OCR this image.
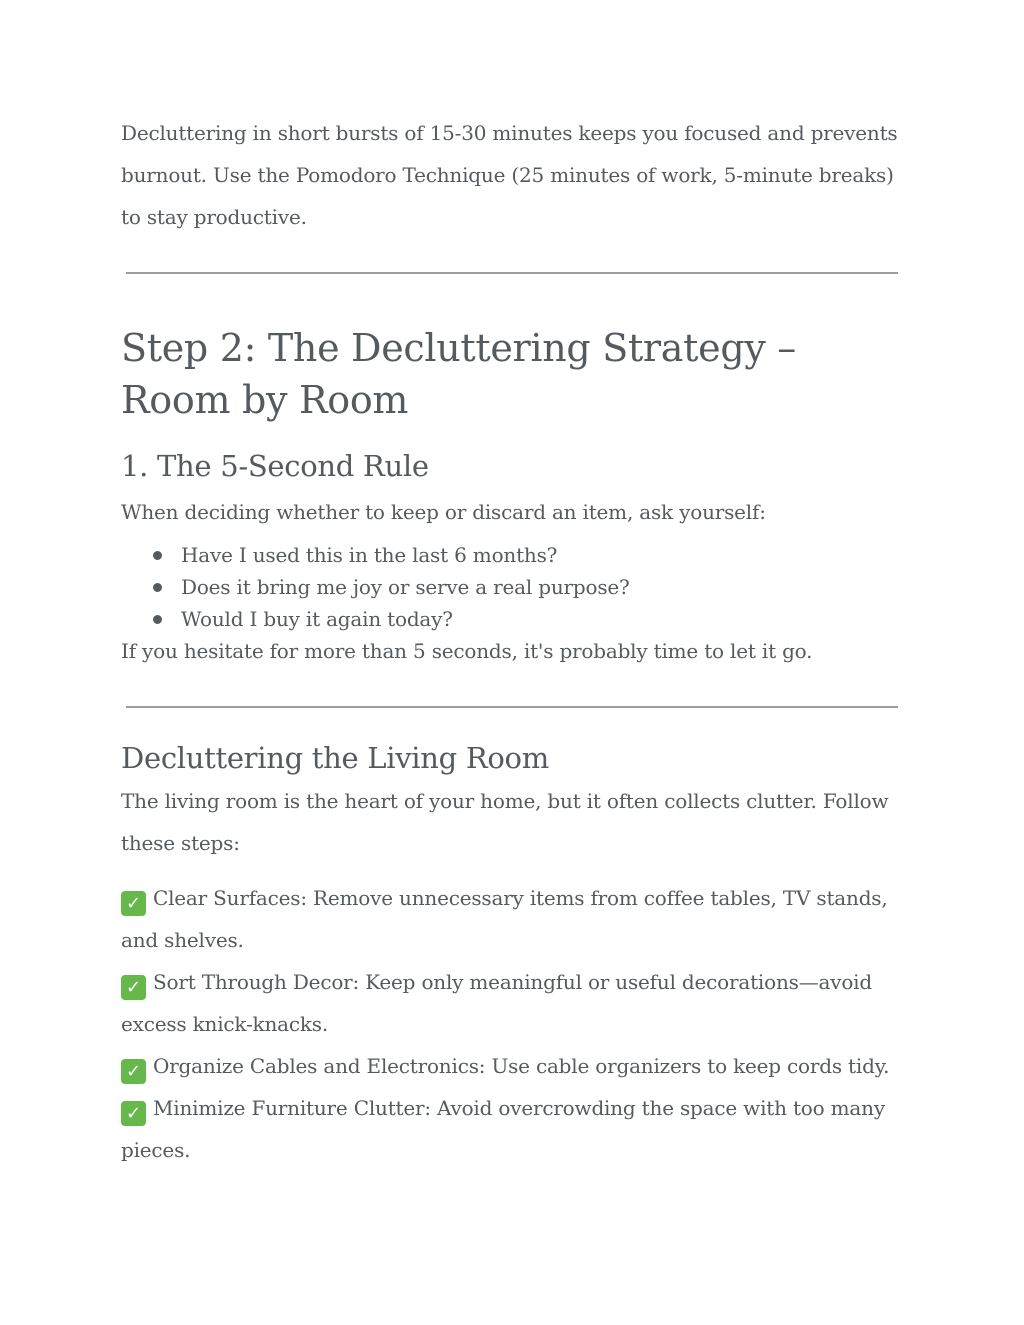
Decluttering in short bursts of 15-30 minutes keeps you focused and prevents burnout. Use the Pomodoro Technique (25 minutes of work, 5-minute breaks) to stay productive.

Step 2: The Decluttering Strategy – Room by Room
1. The 5-Second Rule

When deciding whether to keep or discard an item, ask yourself:

Have I used this in the last 6 months?
Does it bring me joy or serve a real purpose?
Would I buy it again today?

If you hesitate for more than 5 seconds, it's probably time to let it go.

Decluttering the Living Room

The living room is the heart of your home, but it often collects clutter. Follow these steps:

✓ Clear Surfaces: Remove unnecessary items from coffee tables, TV stands, and shelves.

✓ Sort Through Decor: Keep only meaningful or useful decorations—avoid excess knick-knacks.

✓ Organize Cables and Electronics: Use cable organizers to keep cords tidy.

✓ Minimize Furniture Clutter: Avoid overcrowding the space with too many pieces.
